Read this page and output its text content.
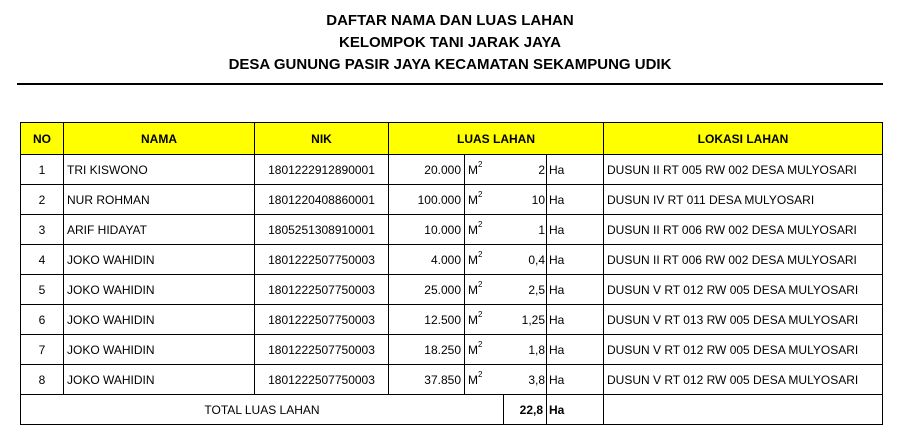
DAFTAR NAMA DAN LUAS LAHAN
KELOMPOK TANI JARAK JAYA
DESA GUNUNG PASIR JAYA KECAMATAN SEKAMPUNG UDIK
NO	NAMA	NIK	LUAS LAHAN				LOKASI LAHAN
1	TRI KISWONO	1801222912890001	20.000	$M^2$	2	Ha	DUSUN II RT 005 RW 002 DESA MULYOSARI
2	NUR ROHMAN	1801220408860001	100.000	$M^2$	10	Ha	DUSUN IV RT 011 DESA MULYOSARI
3	ARIF HIDAYAT	1805251308910001	10.000	$M^2$	1	Ha	DUSUN II RT 006 RW 002 DESA MULYOSARI
4	JOKO WAHIDIN	1801222507750003	4.000	$M^2$	0,4	Ha	DUSUN II RT 006 RW 002 DESA MULYOSARI
5	JOKO WAHIDIN	1801222507750003	25.000	$M^2$	2,5	Ha	DUSUN V RT 012 RW 005 DESA MULYOSARI
6	JOKO WAHIDIN	1801222507750003	12.500	$M^2$	1,25	Ha	DUSUN V RT 013 RW 005 DESA MULYOSARI
7	JOKO WAHIDIN	1801222507750003	18.250	$M^2$	1,8	Ha	DUSUN V RT 012 RW 005 DESA MULYOSARI
8	JOKO WAHIDIN	1801222507750003	37.850	$M^2$	3,8	Ha	DUSUN V RT 012 RW 005 DESA MULYOSARI
TOTAL LUAS LAHAN					22,8	Ha	
